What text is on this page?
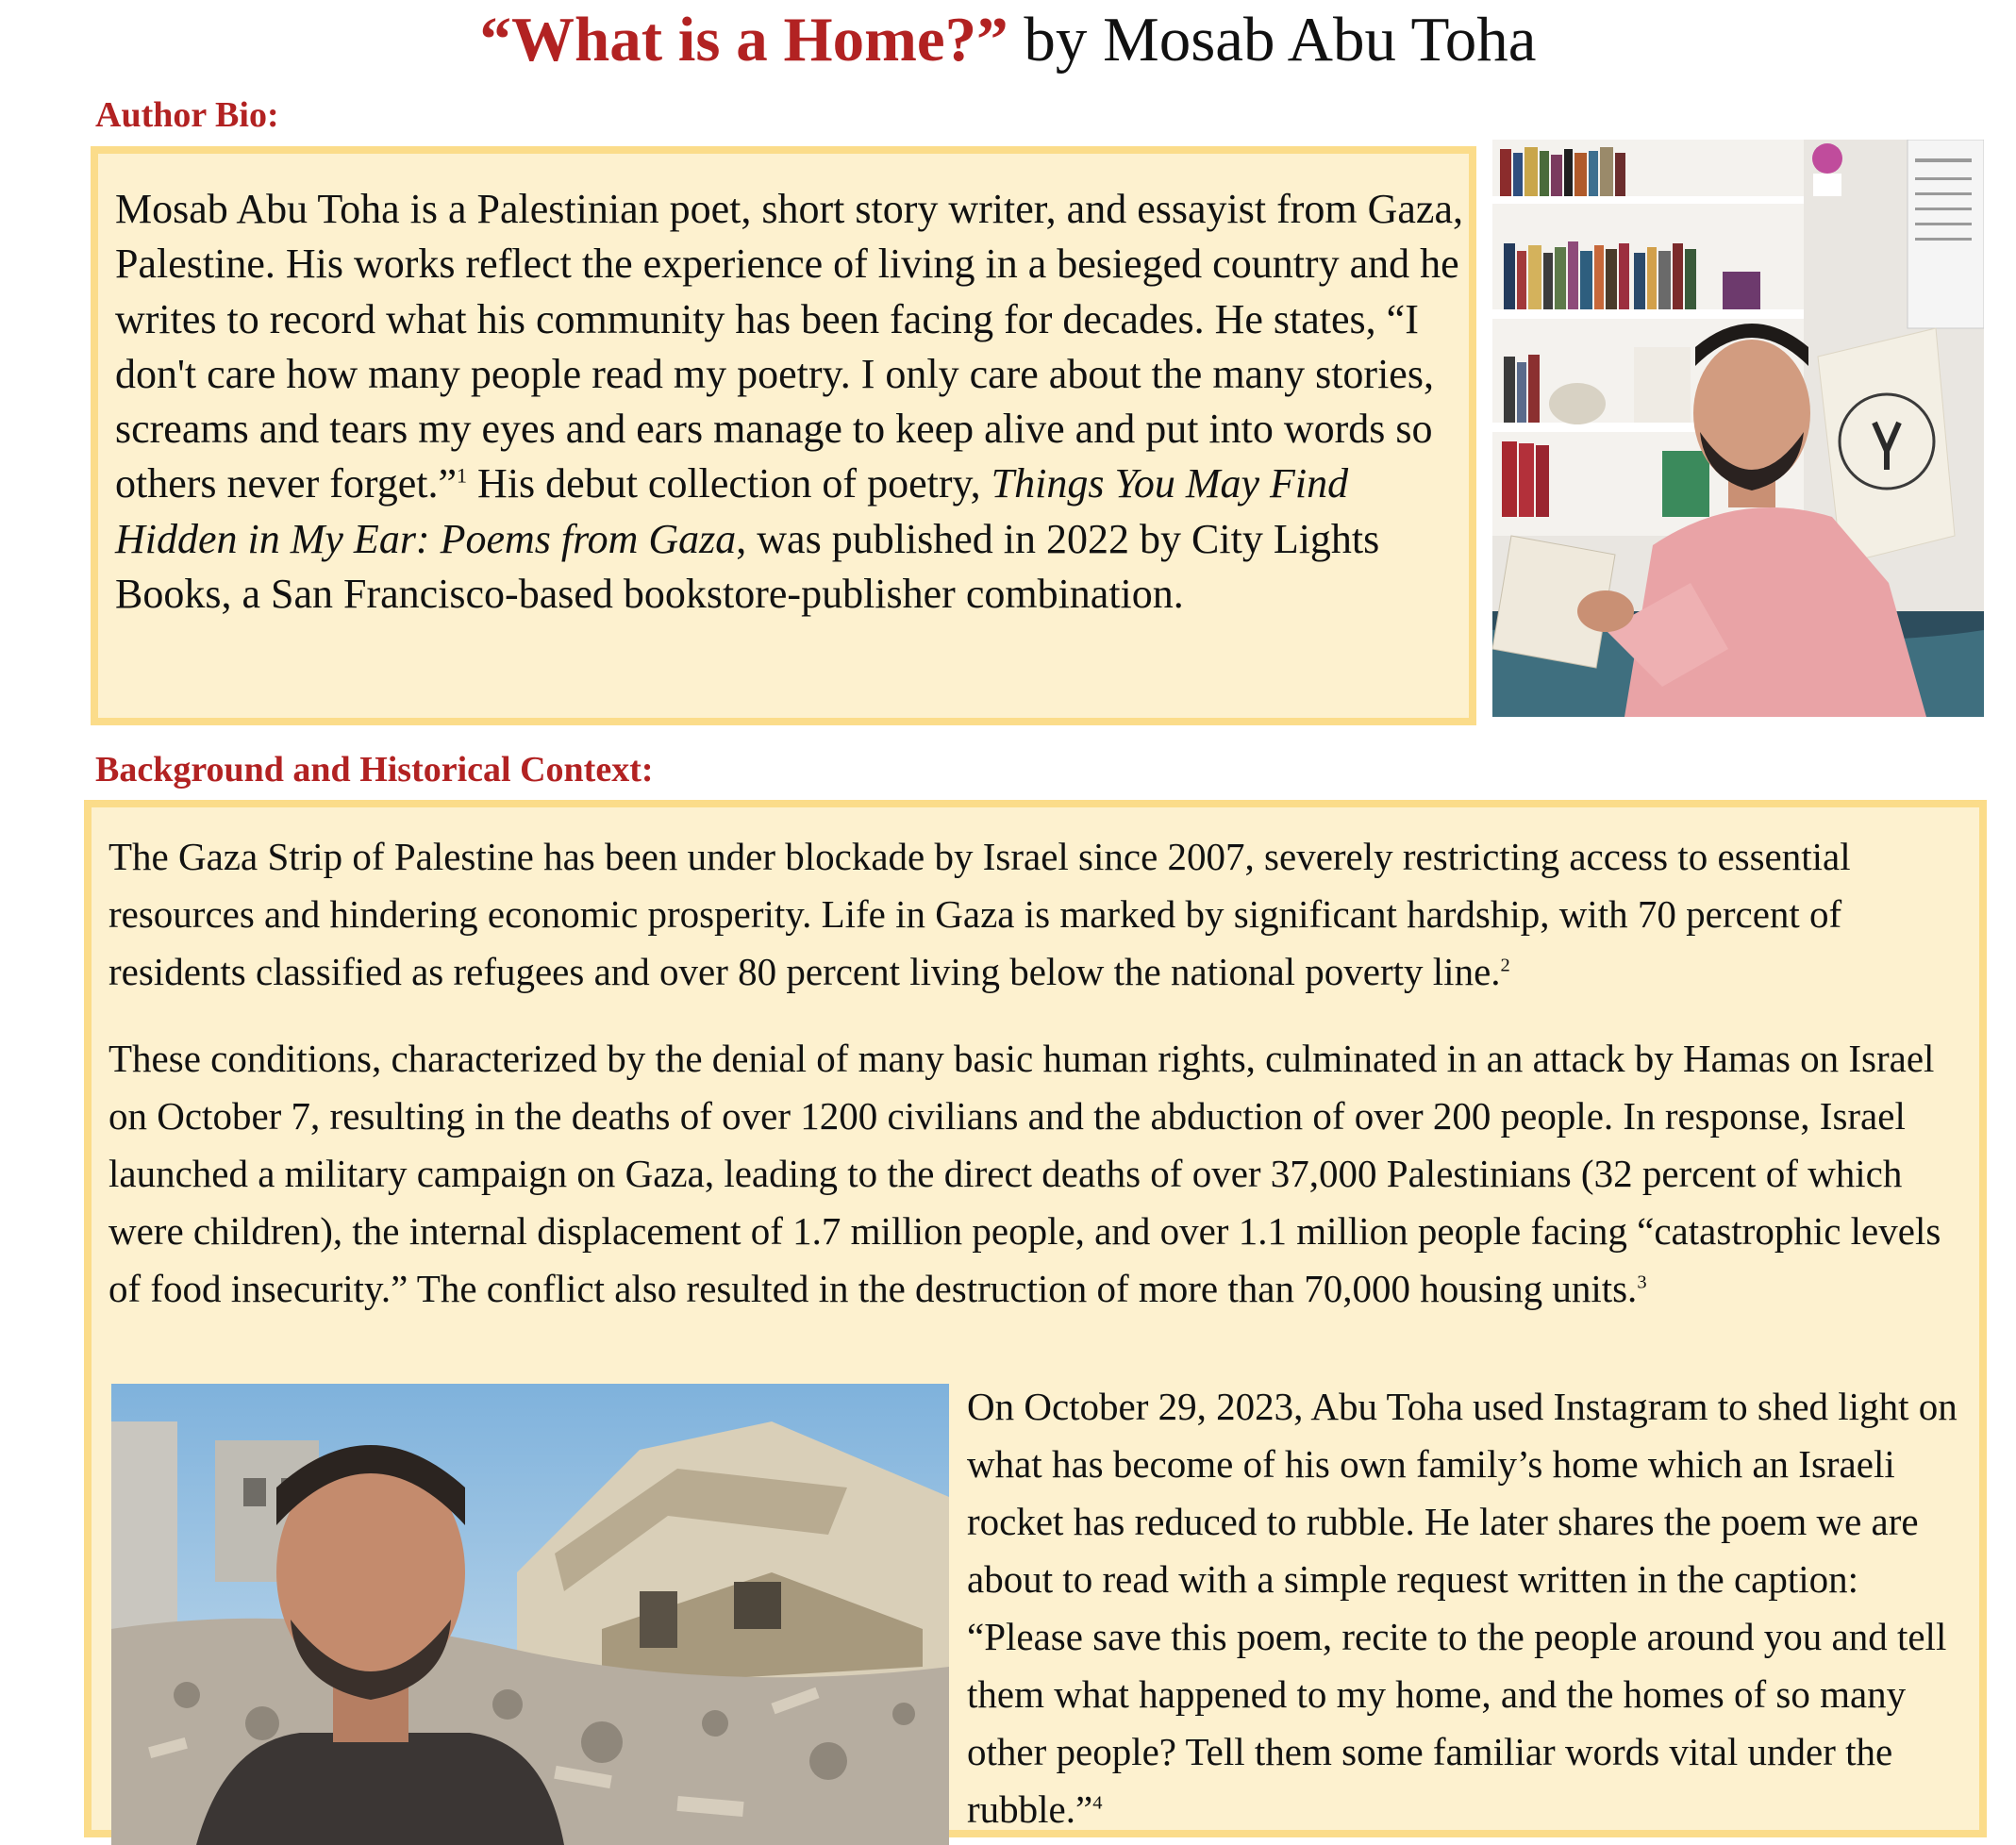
“What is a Home?” by Mosab Abu Toha
Author Bio:
Mosab Abu Toha is a Palestinian poet, short story writer, and essayist from Gaza, Palestine. His works reflect the experience of living in a besieged country and he writes to record what his community has been facing for decades. He states, “I don't care how many people read my poetry. I only care about the many stories, screams and tears my eyes and ears manage to keep alive and put into words so others never forget.”$^1$ His debut collection of poetry, Things You May Find Hidden in My Ear: Poems from Gaza, was published in 2022 by City Lights Books, a San Francisco-based bookstore-publisher combination.
Background and Historical Context:

The Gaza Strip of Palestine has been under blockade by Israel since 2007, severely restricting access to essential resources and hindering economic prosperity. Life in Gaza is marked by significant hardship, with 70 percent of residents classified as refugees and over 80 percent living below the national poverty line.$^2$

These conditions, characterized by the denial of many basic human rights, culminated in an attack by Hamas on Israel on October 7, resulting in the deaths of over 1200 civilians and the abduction of over 200 people. In response, Israel launched a military campaign on Gaza, leading to the direct deaths of over 37,000 Palestinians (32 percent of which were children), the internal displacement of 1.7 million people, and over 1.1 million people facing “catastrophic levels of food insecurity.” The conflict also resulted in the destruction of more than 70,000 housing units.$^3$

On October 29, 2023, Abu Toha used Instagram to shed light on what has become of his own family’s home which an Israeli rocket has reduced to rubble. He later shares the poem we are about to read with a simple request written in the caption: “Please save this poem, recite to the people around you and tell them what happened to my home, and the homes of so many other people? Tell them some familiar words vital under the rubble.”$^4$
